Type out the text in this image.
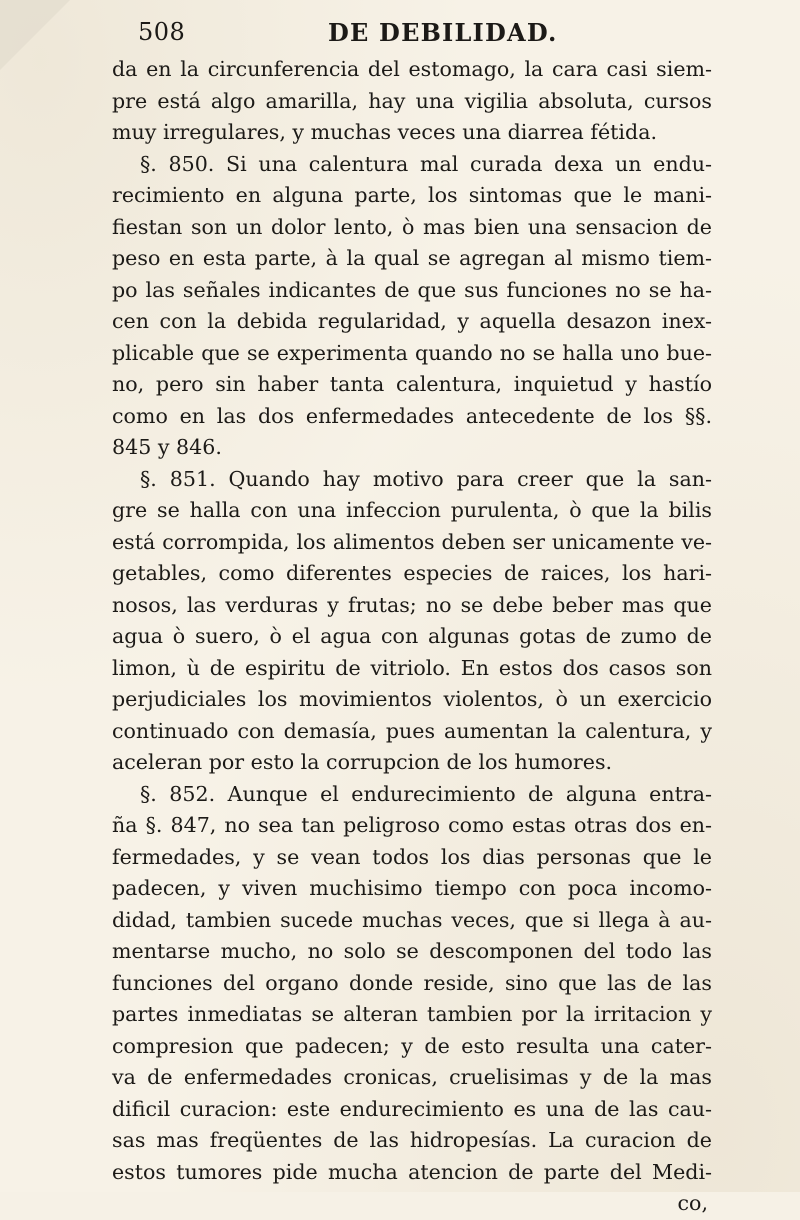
508	DE DEBILIDAD.
da en la circunferencia del estomago, la cara casi siem-
pre está algo amarilla, hay una vigilia absoluta, cursos
muy irregulares, y muchas veces una diarrea fétida.
§. 850. Si una calentura mal curada dexa un endu-
recimiento en alguna parte, los sintomas que le mani-
fiestan son un dolor lento, ò mas bien una sensacion de
peso en esta parte, à la qual se agregan al mismo tiem-
po las señales indicantes de que sus funciones no se ha-
cen con la debida regularidad, y aquella desazon inex-
plicable que se experimenta quando no se halla uno bue-
no, pero sin haber tanta calentura, inquietud y hastío
como en las dos enfermedades antecedente de los §§.
845 y 846.
§. 851. Quando hay motivo para creer que la san-
gre se halla con una infeccion purulenta, ò que la bilis
está corrompida, los alimentos deben ser unicamente ve-
getables, como diferentes especies de raices, los hari-
nosos, las verduras y frutas; no se debe beber mas que
agua ò suero, ò el agua con algunas gotas de zumo de
limon, ù de espiritu de vitriolo. En estos dos casos son
perjudiciales los movimientos violentos, ò un exercicio
continuado con demasía, pues aumentan la calentura, y
aceleran por esto la corrupcion de los humores.
§. 852. Aunque el endurecimiento de alguna entra-
ña §. 847, no sea tan peligroso como estas otras dos en-
fermedades, y se vean todos los dias personas que le
padecen, y viven muchisimo tiempo con poca incomo-
didad, tambien sucede muchas veces, que si llega à au-
mentarse mucho, no solo se descomponen del todo las
funciones del organo donde reside, sino que las de las
partes inmediatas se alteran tambien por la irritacion y
compresion que padecen; y de esto resulta una cater-
va de enfermedades cronicas, cruelisimas y de la mas
dificil curacion: este endurecimiento es una de las cau-
sas mas freqüentes de las hidropesías. La curacion de
estos tumores pide mucha atencion de parte del Medi-
co,
